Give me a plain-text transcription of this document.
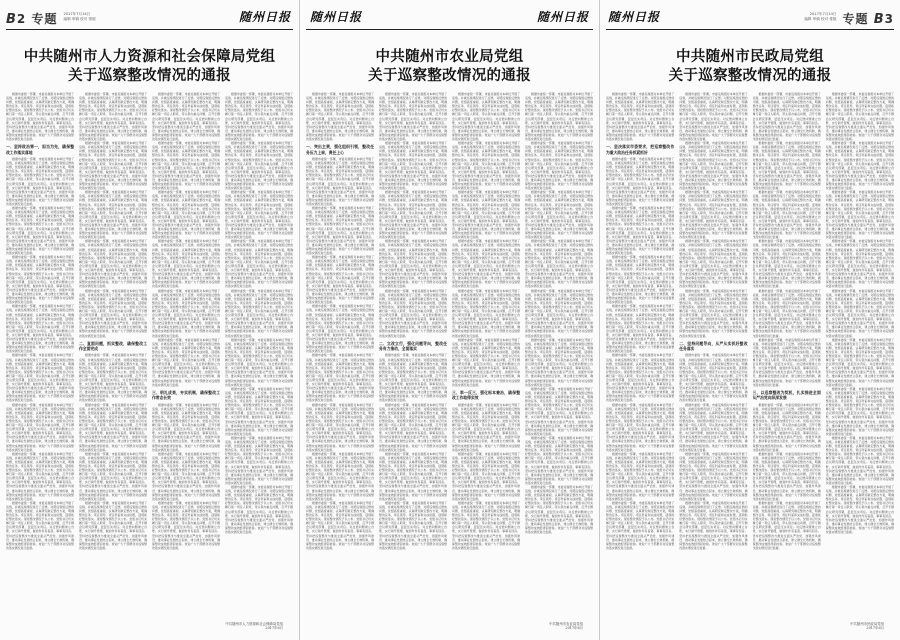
B2 专题 2017年7月14日
编辑 审稿 校对 排版	随州日报
中共随州市人力资源和社会保障局党组
关于巡察整改情况的通报

根据市委统一部署，市委巡察组对本单位开展了巡察，并就巡察情况进行了反馈。对照巡察组反馈的问题，党组高度重视，认真研究制定整改方案，明确整改任务、责任领导、责任科室和完成时限，逐项抓好整改落实。现将整改情况予以公布。党组书记切实履行第一责任人职责，带头领办重点问题，召开专题会议研究部署，层层压实责任。对反馈问题建立台账，实行销号管理，做到件件有着落、事事有回音。坚持把巡察整改与推进全面从严治党、加强作风建设、推动事业发展结合起来，建立健全长效机制，确保整改成效经得起检验。欢迎广大干部群众对巡察整改落实情况进行监督。

一、坚持政治第一，担当为先，确保整改工作落实落地

根据市委统一部署，市委巡察组对本单位开展了巡察，并就巡察情况进行了反馈。对照巡察组反馈的问题，党组高度重视，认真研究制定整改方案，明确整改任务、责任领导、责任科室和完成时限，逐项抓好整改落实。现将整改情况予以公布。党组书记切实履行第一责任人职责，带头领办重点问题，召开专题会议研究部署，层层压实责任。对反馈问题建立台账，实行销号管理，做到件件有着落、事事有回音。坚持把巡察整改与推进全面从严治党、加强作风建设、推动事业发展结合起来，建立健全长效机制，确保整改成效经得起检验。欢迎广大干部群众对巡察整改落实情况进行监督。

根据市委统一部署，市委巡察组对本单位开展了巡察，并就巡察情况进行了反馈。对照巡察组反馈的问题，党组高度重视，认真研究制定整改方案，明确整改任务、责任领导、责任科室和完成时限，逐项抓好整改落实。现将整改情况予以公布。党组书记切实履行第一责任人职责，带头领办重点问题，召开专题会议研究部署，层层压实责任。对反馈问题建立台账，实行销号管理，做到件件有着落、事事有回音。坚持把巡察整改与推进全面从严治党、加强作风建设、推动事业发展结合起来，建立健全长效机制，确保整改成效经得起检验。欢迎广大干部群众对巡察整改落实情况进行监督。

根据市委统一部署，市委巡察组对本单位开展了巡察，并就巡察情况进行了反馈。对照巡察组反馈的问题，党组高度重视，认真研究制定整改方案，明确整改任务、责任领导、责任科室和完成时限，逐项抓好整改落实。现将整改情况予以公布。党组书记切实履行第一责任人职责，带头领办重点问题，召开专题会议研究部署，层层压实责任。对反馈问题建立台账，实行销号管理，做到件件有着落、事事有回音。坚持把巡察整改与推进全面从严治党、加强作风建设、推动事业发展结合起来，建立健全长效机制，确保整改成效经得起检验。欢迎广大干部群众对巡察整改落实情况进行监督。

根据市委统一部署，市委巡察组对本单位开展了巡察，并就巡察情况进行了反馈。对照巡察组反馈的问题，党组高度重视，认真研究制定整改方案，明确整改任务、责任领导、责任科室和完成时限，逐项抓好整改落实。现将整改情况予以公布。党组书记切实履行第一责任人职责，带头领办重点问题，召开专题会议研究部署，层层压实责任。对反馈问题建立台账，实行销号管理，做到件件有着落、事事有回音。坚持把巡察整改与推进全面从严治党、加强作风建设、推动事业发展结合起来，建立健全长效机制，确保整改成效经得起检验。欢迎广大干部群众对巡察整改落实情况进行监督。

根据市委统一部署，市委巡察组对本单位开展了巡察，并就巡察情况进行了反馈。对照巡察组反馈的问题，党组高度重视，认真研究制定整改方案，明确整改任务、责任领导、责任科室和完成时限，逐项抓好整改落实。现将整改情况予以公布。党组书记切实履行第一责任人职责，带头领办重点问题，召开专题会议研究部署，层层压实责任。对反馈问题建立台账，实行销号管理，做到件件有着落、事事有回音。坚持把巡察整改与推进全面从严治党、加强作风建设、推动事业发展结合起来，建立健全长效机制，确保整改成效经得起检验。欢迎广大干部群众对巡察整改落实情况进行监督。

根据市委统一部署，市委巡察组对本单位开展了巡察，并就巡察情况进行了反馈。对照巡察组反馈的问题，党组高度重视，认真研究制定整改方案，明确整改任务、责任领导、责任科室和完成时限，逐项抓好整改落实。现将整改情况予以公布。党组书记切实履行第一责任人职责，带头领办重点问题，召开专题会议研究部署，层层压实责任。对反馈问题建立台账，实行销号管理，做到件件有着落、事事有回音。坚持把巡察整改与推进全面从严治党、加强作风建设、推动事业发展结合起来，建立健全长效机制，确保整改成效经得起检验。欢迎广大干部群众对巡察整改落实情况进行监督。

根据市委统一部署，市委巡察组对本单位开展了巡察，并就巡察情况进行了反馈。对照巡察组反馈的问题，党组高度重视，认真研究制定整改方案，明确整改任务、责任领导、责任科室和完成时限，逐项抓好整改落实。现将整改情况予以公布。党组书记切实履行第一责任人职责，带头领办重点问题，召开专题会议研究部署，层层压实责任。对反馈问题建立台账，实行销号管理，做到件件有着落、事事有回音。坚持把巡察整改与推进全面从严治党、加强作风建设、推动事业发展结合起来，建立健全长效机制，确保整改成效经得起检验。欢迎广大干部群众对巡察整改落实情况进行监督。

根据市委统一部署，市委巡察组对本单位开展了巡察，并就巡察情况进行了反馈。对照巡察组反馈的问题，党组高度重视，认真研究制定整改方案，明确整改任务、责任领导、责任科室和完成时限，逐项抓好整改落实。现将整改情况予以公布。党组书记切实履行第一责任人职责，带头领办重点问题，召开专题会议研究部署，层层压实责任。对反馈问题建立台账，实行销号管理，做到件件有着落、事事有回音。坚持把巡察整改与推进全面从严治党、加强作风建设、推动事业发展结合起来，建立健全长效机制，确保整改成效经得起检验。欢迎广大干部群众对巡察整改落实情况进行监督。

根据市委统一部署，市委巡察组对本单位开展了巡察，并就巡察情况进行了反馈。对照巡察组反馈的问题，党组高度重视，认真研究制定整改方案，明确整改任务、责任领导、责任科室和完成时限，逐项抓好整改落实。现将整改情况予以公布。党组书记切实履行第一责任人职责，带头领办重点问题，召开专题会议研究部署，层层压实责任。对反馈问题建立台账，实行销号管理，做到件件有着落、事事有回音。坚持把巡察整改与推进全面从严治党、加强作风建设、推动事业发展结合起来，建立健全长效机制，确保整改成效经得起检验。欢迎广大干部群众对巡察整改落实情况进行监督。

根据市委统一部署，市委巡察组对本单位开展了巡察，并就巡察情况进行了反馈。对照巡察组反馈的问题，党组高度重视，认真研究制定整改方案，明确整改任务、责任领导、责任科室和完成时限，逐项抓好整改落实。现将整改情况予以公布。党组书记切实履行第一责任人职责，带头领办重点问题，召开专题会议研究部署，层层压实责任。对反馈问题建立台账，实行销号管理，做到件件有着落、事事有回音。坚持把巡察整改与推进全面从严治党、加强作风建设、推动事业发展结合起来，建立健全长效机制，确保整改成效经得起检验。欢迎广大干部群众对巡察整改落实情况进行监督。

根据市委统一部署，市委巡察组对本单位开展了巡察，并就巡察情况进行了反馈。对照巡察组反馈的问题，党组高度重视，认真研究制定整改方案，明确整改任务、责任领导、责任科室和完成时限，逐项抓好整改落实。现将整改情况予以公布。党组书记切实履行第一责任人职责，带头领办重点问题，召开专题会议研究部署，层层压实责任。对反馈问题建立台账，实行销号管理，做到件件有着落、事事有回音。坚持把巡察整改与推进全面从严治党、加强作风建设、推动事业发展结合起来，建立健全长效机制，确保整改成效经得起检验。欢迎广大干部群众对巡察整改落实情况进行监督。

根据市委统一部署，市委巡察组对本单位开展了巡察，并就巡察情况进行了反馈。对照巡察组反馈的问题，党组高度重视，认真研究制定整改方案，明确整改任务、责任领导、责任科室和完成时限，逐项抓好整改落实。现将整改情况予以公布。党组书记切实履行第一责任人职责，带头领办重点问题，召开专题会议研究部署，层层压实责任。对反馈问题建立台账，实行销号管理，做到件件有着落、事事有回音。坚持把巡察整改与推进全面从严治党、加强作风建设、推动事业发展结合起来，建立健全长效机制，确保整改成效经得起检验。欢迎广大干部群众对巡察整改落实情况进行监督。

根据市委统一部署，市委巡察组对本单位开展了巡察，并就巡察情况进行了反馈。对照巡察组反馈的问题，党组高度重视，认真研究制定整改方案，明确整改任务、责任领导、责任科室和完成时限，逐项抓好整改落实。现将整改情况予以公布。党组书记切实履行第一责任人职责，带头领办重点问题，召开专题会议研究部署，层层压实责任。对反馈问题建立台账，实行销号管理，做到件件有着落、事事有回音。坚持把巡察整改与推进全面从严治党、加强作风建设、推动事业发展结合起来，建立健全长效机制，确保整改成效经得起检验。欢迎广大干部群众对巡察整改落实情况进行监督。

二、直面问题，抓实整改，确保整改工作全面完成

根据市委统一部署，市委巡察组对本单位开展了巡察，并就巡察情况进行了反馈。对照巡察组反馈的问题，党组高度重视，认真研究制定整改方案，明确整改任务、责任领导、责任科室和完成时限，逐项抓好整改落实。现将整改情况予以公布。党组书记切实履行第一责任人职责，带头领办重点问题，召开专题会议研究部署，层层压实责任。对反馈问题建立台账，实行销号管理，做到件件有着落、事事有回音。坚持把巡察整改与推进全面从严治党、加强作风建设、推动事业发展结合起来，建立健全长效机制，确保整改成效经得起检验。欢迎广大干部群众对巡察整改落实情况进行监督。

根据市委统一部署，市委巡察组对本单位开展了巡察，并就巡察情况进行了反馈。对照巡察组反馈的问题，党组高度重视，认真研究制定整改方案，明确整改任务、责任领导、责任科室和完成时限，逐项抓好整改落实。现将整改情况予以公布。党组书记切实履行第一责任人职责，带头领办重点问题，召开专题会议研究部署，层层压实责任。对反馈问题建立台账，实行销号管理，做到件件有着落、事事有回音。坚持把巡察整改与推进全面从严治党、加强作风建设、推动事业发展结合起来，建立健全长效机制，确保整改成效经得起检验。欢迎广大干部群众对巡察整改落实情况进行监督。

根据市委统一部署，市委巡察组对本单位开展了巡察，并就巡察情况进行了反馈。对照巡察组反馈的问题，党组高度重视，认真研究制定整改方案，明确整改任务、责任领导、责任科室和完成时限，逐项抓好整改落实。现将整改情况予以公布。党组书记切实履行第一责任人职责，带头领办重点问题，召开专题会议研究部署，层层压实责任。对反馈问题建立台账，实行销号管理，做到件件有着落、事事有回音。坚持把巡察整改与推进全面从严治党、加强作风建设、推动事业发展结合起来，建立健全长效机制，确保整改成效经得起检验。欢迎广大干部群众对巡察整改落实情况进行监督。

根据市委统一部署，市委巡察组对本单位开展了巡察，并就巡察情况进行了反馈。对照巡察组反馈的问题，党组高度重视，认真研究制定整改方案，明确整改任务、责任领导、责任科室和完成时限，逐项抓好整改落实。现将整改情况予以公布。党组书记切实履行第一责任人职责，带头领办重点问题，召开专题会议研究部署，层层压实责任。对反馈问题建立台账，实行销号管理，做到件件有着落、事事有回音。坚持把巡察整改与推进全面从严治党、加强作风建设、推动事业发展结合起来，建立健全长效机制，确保整改成效经得起检验。欢迎广大干部群众对巡察整改落实情况进行监督。

根据市委统一部署，市委巡察组对本单位开展了巡察，并就巡察情况进行了反馈。对照巡察组反馈的问题，党组高度重视，认真研究制定整改方案，明确整改任务、责任领导、责任科室和完成时限，逐项抓好整改落实。现将整改情况予以公布。党组书记切实履行第一责任人职责，带头领办重点问题，召开专题会议研究部署，层层压实责任。对反馈问题建立台账，实行销号管理，做到件件有着落、事事有回音。坚持把巡察整改与推进全面从严治党、加强作风建设、推动事业发展结合起来，建立健全长效机制，确保整改成效经得起检验。欢迎广大干部群众对巡察整改落实情况进行监督。

根据市委统一部署，市委巡察组对本单位开展了巡察，并就巡察情况进行了反馈。对照巡察组反馈的问题，党组高度重视，认真研究制定整改方案，明确整改任务、责任领导、责任科室和完成时限，逐项抓好整改落实。现将整改情况予以公布。党组书记切实履行第一责任人职责，带头领办重点问题，召开专题会议研究部署，层层压实责任。对反馈问题建立台账，实行销号管理，做到件件有着落、事事有回音。坚持把巡察整改与推进全面从严治党、加强作风建设、推动事业发展结合起来，建立健全长效机制，确保整改成效经得起检验。欢迎广大干部群众对巡察整改落实情况进行监督。

根据市委统一部署，市委巡察组对本单位开展了巡察，并就巡察情况进行了反馈。对照巡察组反馈的问题，党组高度重视，认真研究制定整改方案，明确整改任务、责任领导、责任科室和完成时限，逐项抓好整改落实。现将整改情况予以公布。党组书记切实履行第一责任人职责，带头领办重点问题，召开专题会议研究部署，层层压实责任。对反馈问题建立台账，实行销号管理，做到件件有着落、事事有回音。坚持把巡察整改与推进全面从严治党、加强作风建设、推动事业发展结合起来，建立健全长效机制，确保整改成效经得起检验。欢迎广大干部群众对巡察整改落实情况进行监督。

根据市委统一部署，市委巡察组对本单位开展了巡察，并就巡察情况进行了反馈。对照巡察组反馈的问题，党组高度重视，认真研究制定整改方案，明确整改任务、责任领导、责任科室和完成时限，逐项抓好整改落实。现将整改情况予以公布。党组书记切实履行第一责任人职责，带头领办重点问题，召开专题会议研究部署，层层压实责任。对反馈问题建立台账，实行销号管理，做到件件有着落、事事有回音。坚持把巡察整改与推进全面从严治党、加强作风建设、推动事业发展结合起来，建立健全长效机制，确保整改成效经得起检验。欢迎广大干部群众对巡察整改落实情况进行监督。

根据市委统一部署，市委巡察组对本单位开展了巡察，并就巡察情况进行了反馈。对照巡察组反馈的问题，党组高度重视，认真研究制定整改方案，明确整改任务、责任领导、责任科室和完成时限，逐项抓好整改落实。现将整改情况予以公布。党组书记切实履行第一责任人职责，带头领办重点问题，召开专题会议研究部署，层层压实责任。对反馈问题建立台账，实行销号管理，做到件件有着落、事事有回音。坚持把巡察整改与推进全面从严治党、加强作风建设、推动事业发展结合起来，建立健全长效机制，确保整改成效经得起检验。欢迎广大干部群众对巡察整改落实情况进行监督。

根据市委统一部署，市委巡察组对本单位开展了巡察，并就巡察情况进行了反馈。对照巡察组反馈的问题，党组高度重视，认真研究制定整改方案，明确整改任务、责任领导、责任科室和完成时限，逐项抓好整改落实。现将整改情况予以公布。党组书记切实履行第一责任人职责，带头领办重点问题，召开专题会议研究部署，层层压实责任。对反馈问题建立台账，实行销号管理，做到件件有着落、事事有回音。坚持把巡察整改与推进全面从严治党、加强作风建设、推动事业发展结合起来，建立健全长效机制，确保整改成效经得起检验。欢迎广大干部群众对巡察整改落实情况进行监督。

三、明礼成果，夯实机制，确保整改工作常态长效

根据市委统一部署，市委巡察组对本单位开展了巡察，并就巡察情况进行了反馈。对照巡察组反馈的问题，党组高度重视，认真研究制定整改方案，明确整改任务、责任领导、责任科室和完成时限，逐项抓好整改落实。现将整改情况予以公布。党组书记切实履行第一责任人职责，带头领办重点问题，召开专题会议研究部署，层层压实责任。对反馈问题建立台账，实行销号管理，做到件件有着落、事事有回音。坚持把巡察整改与推进全面从严治党、加强作风建设、推动事业发展结合起来，建立健全长效机制，确保整改成效经得起检验。欢迎广大干部群众对巡察整改落实情况进行监督。

根据市委统一部署，市委巡察组对本单位开展了巡察，并就巡察情况进行了反馈。对照巡察组反馈的问题，党组高度重视，认真研究制定整改方案，明确整改任务、责任领导、责任科室和完成时限，逐项抓好整改落实。现将整改情况予以公布。党组书记切实履行第一责任人职责，带头领办重点问题，召开专题会议研究部署，层层压实责任。对反馈问题建立台账，实行销号管理，做到件件有着落、事事有回音。坚持把巡察整改与推进全面从严治党、加强作风建设、推动事业发展结合起来，建立健全长效机制，确保整改成效经得起检验。欢迎广大干部群众对巡察整改落实情况进行监督。

根据市委统一部署，市委巡察组对本单位开展了巡察，并就巡察情况进行了反馈。对照巡察组反馈的问题，党组高度重视，认真研究制定整改方案，明确整改任务、责任领导、责任科室和完成时限，逐项抓好整改落实。现将整改情况予以公布。党组书记切实履行第一责任人职责，带头领办重点问题，召开专题会议研究部署，层层压实责任。对反馈问题建立台账，实行销号管理，做到件件有着落、事事有回音。坚持把巡察整改与推进全面从严治党、加强作风建设、推动事业发展结合起来，建立健全长效机制，确保整改成效经得起检验。欢迎广大干部群众对巡察整改落实情况进行监督。

根据市委统一部署，市委巡察组对本单位开展了巡察，并就巡察情况进行了反馈。对照巡察组反馈的问题，党组高度重视，认真研究制定整改方案，明确整改任务、责任领导、责任科室和完成时限，逐项抓好整改落实。现将整改情况予以公布。党组书记切实履行第一责任人职责，带头领办重点问题，召开专题会议研究部署，层层压实责任。对反馈问题建立台账，实行销号管理，做到件件有着落、事事有回音。坚持把巡察整改与推进全面从严治党、加强作风建设、推动事业发展结合起来，建立健全长效机制，确保整改成效经得起检验。欢迎广大干部群众对巡察整改落实情况进行监督。

根据市委统一部署，市委巡察组对本单位开展了巡察，并就巡察情况进行了反馈。对照巡察组反馈的问题，党组高度重视，认真研究制定整改方案，明确整改任务、责任领导、责任科室和完成时限，逐项抓好整改落实。现将整改情况予以公布。党组书记切实履行第一责任人职责，带头领办重点问题，召开专题会议研究部署，层层压实责任。对反馈问题建立台账，实行销号管理，做到件件有着落、事事有回音。坚持把巡察整改与推进全面从严治党、加强作风建设、推动事业发展结合起来，建立健全长效机制，确保整改成效经得起检验。欢迎广大干部群众对巡察整改落实情况进行监督。

根据市委统一部署，市委巡察组对本单位开展了巡察，并就巡察情况进行了反馈。对照巡察组反馈的问题，党组高度重视，认真研究制定整改方案，明确整改任务、责任领导、责任科室和完成时限，逐项抓好整改落实。现将整改情况予以公布。党组书记切实履行第一责任人职责，带头领办重点问题，召开专题会议研究部署，层层压实责任。对反馈问题建立台账，实行销号管理，做到件件有着落、事事有回音。坚持把巡察整改与推进全面从严治党、加强作风建设、推动事业发展结合起来，建立健全长效机制，确保整改成效经得起检验。欢迎广大干部群众对巡察整改落实情况进行监督。

根据市委统一部署，市委巡察组对本单位开展了巡察，并就巡察情况进行了反馈。对照巡察组反馈的问题，党组高度重视，认真研究制定整改方案，明确整改任务、责任领导、责任科室和完成时限，逐项抓好整改落实。现将整改情况予以公布。党组书记切实履行第一责任人职责，带头领办重点问题，召开专题会议研究部署，层层压实责任。对反馈问题建立台账，实行销号管理，做到件件有着落、事事有回音。坚持把巡察整改与推进全面从严治党、加强作风建设、推动事业发展结合起来，建立健全长效机制，确保整改成效经得起检验。欢迎广大干部群众对巡察整改落实情况进行监督。

根据市委统一部署，市委巡察组对本单位开展了巡察，并就巡察情况进行了反馈。对照巡察组反馈的问题，党组高度重视，认真研究制定整改方案，明确整改任务、责任领导、责任科室和完成时限，逐项抓好整改落实。现将整改情况予以公布。党组书记切实履行第一责任人职责，带头领办重点问题，召开专题会议研究部署，层层压实责任。对反馈问题建立台账，实行销号管理，做到件件有着落、事事有回音。坚持把巡察整改与推进全面从严治党、加强作风建设、推动事业发展结合起来，建立健全长效机制，确保整改成效经得起检验。欢迎广大干部群众对巡察整改落实情况进行监督。

根据市委统一部署，市委巡察组对本单位开展了巡察，并就巡察情况进行了反馈。对照巡察组反馈的问题，党组高度重视，认真研究制定整改方案，明确整改任务、责任领导、责任科室和完成时限，逐项抓好整改落实。现将整改情况予以公布。党组书记切实履行第一责任人职责，带头领办重点问题，召开专题会议研究部署，层层压实责任。对反馈问题建立台账，实行销号管理，做到件件有着落、事事有回音。坚持把巡察整改与推进全面从严治党、加强作风建设、推动事业发展结合起来，建立健全长效机制，确保整改成效经得起检验。欢迎广大干部群众对巡察整改落实情况进行监督。

根据市委统一部署，市委巡察组对本单位开展了巡察，并就巡察情况进行了反馈。对照巡察组反馈的问题，党组高度重视，认真研究制定整改方案，明确整改任务、责任领导、责任科室和完成时限，逐项抓好整改落实。现将整改情况予以公布。党组书记切实履行第一责任人职责，带头领办重点问题，召开专题会议研究部署，层层压实责任。对反馈问题建立台账，实行销号管理，做到件件有着落、事事有回音。坚持把巡察整改与推进全面从严治党、加强作风建设、推动事业发展结合起来，建立健全长效机制，确保整改成效经得起检验。欢迎广大干部群众对巡察整改落实情况进行监督。

根据市委统一部署，市委巡察组对本单位开展了巡察，并就巡察情况进行了反馈。对照巡察组反馈的问题，党组高度重视，认真研究制定整改方案，明确整改任务、责任领导、责任科室和完成时限，逐项抓好整改落实。现将整改情况予以公布。党组书记切实履行第一责任人职责，带头领办重点问题，召开专题会议研究部署，层层压实责任。对反馈问题建立台账，实行销号管理，做到件件有着落、事事有回音。坚持把巡察整改与推进全面从严治党、加强作风建设、推动事业发展结合起来，建立健全长效机制，确保整改成效经得起检验。欢迎广大干部群众对巡察整改落实情况进行监督。

根据市委统一部署，市委巡察组对本单位开展了巡察，并就巡察情况进行了反馈。对照巡察组反馈的问题，党组高度重视，认真研究制定整改方案，明确整改任务、责任领导、责任科室和完成时限，逐项抓好整改落实。现将整改情况予以公布。党组书记切实履行第一责任人职责，带头领办重点问题，召开专题会议研究部署，层层压实责任。对反馈问题建立台账，实行销号管理，做到件件有着落、事事有回音。坚持把巡察整改与推进全面从严治党、加强作风建设、推动事业发展结合起来，建立健全长效机制，确保整改成效经得起检验。欢迎广大干部群众对巡察整改落实情况进行监督。

中共随州市人力资源和社会保障局党组
2017年6月
随州日报	随州日报
中共随州市农业局党组
关于巡察整改情况的通报

根据市委统一部署，市委巡察组对本单位开展了巡察，并就巡察情况进行了反馈。对照巡察组反馈的问题，党组高度重视，认真研究制定整改方案，明确整改任务、责任领导、责任科室和完成时限，逐项抓好整改落实。现将整改情况予以公布。党组书记切实履行第一责任人职责，带头领办重点问题，召开专题会议研究部署，层层压实责任。对反馈问题建立台账，实行销号管理，做到件件有着落、事事有回音。坚持把巡察整改与推进全面从严治党、加强作风建设、推动事业发展结合起来，建立健全长效机制，确保整改成效经得起检验。欢迎广大干部群众对巡察整改落实情况进行监督。

一、突出主责，强化组织引领，整改任务压力上肩，责任上心

根据市委统一部署，市委巡察组对本单位开展了巡察，并就巡察情况进行了反馈。对照巡察组反馈的问题，党组高度重视，认真研究制定整改方案，明确整改任务、责任领导、责任科室和完成时限，逐项抓好整改落实。现将整改情况予以公布。党组书记切实履行第一责任人职责，带头领办重点问题，召开专题会议研究部署，层层压实责任。对反馈问题建立台账，实行销号管理，做到件件有着落、事事有回音。坚持把巡察整改与推进全面从严治党、加强作风建设、推动事业发展结合起来，建立健全长效机制，确保整改成效经得起检验。欢迎广大干部群众对巡察整改落实情况进行监督。

根据市委统一部署，市委巡察组对本单位开展了巡察，并就巡察情况进行了反馈。对照巡察组反馈的问题，党组高度重视，认真研究制定整改方案，明确整改任务、责任领导、责任科室和完成时限，逐项抓好整改落实。现将整改情况予以公布。党组书记切实履行第一责任人职责，带头领办重点问题，召开专题会议研究部署，层层压实责任。对反馈问题建立台账，实行销号管理，做到件件有着落、事事有回音。坚持把巡察整改与推进全面从严治党、加强作风建设、推动事业发展结合起来，建立健全长效机制，确保整改成效经得起检验。欢迎广大干部群众对巡察整改落实情况进行监督。

根据市委统一部署，市委巡察组对本单位开展了巡察，并就巡察情况进行了反馈。对照巡察组反馈的问题，党组高度重视，认真研究制定整改方案，明确整改任务、责任领导、责任科室和完成时限，逐项抓好整改落实。现将整改情况予以公布。党组书记切实履行第一责任人职责，带头领办重点问题，召开专题会议研究部署，层层压实责任。对反馈问题建立台账，实行销号管理，做到件件有着落、事事有回音。坚持把巡察整改与推进全面从严治党、加强作风建设、推动事业发展结合起来，建立健全长效机制，确保整改成效经得起检验。欢迎广大干部群众对巡察整改落实情况进行监督。

根据市委统一部署，市委巡察组对本单位开展了巡察，并就巡察情况进行了反馈。对照巡察组反馈的问题，党组高度重视，认真研究制定整改方案，明确整改任务、责任领导、责任科室和完成时限，逐项抓好整改落实。现将整改情况予以公布。党组书记切实履行第一责任人职责，带头领办重点问题，召开专题会议研究部署，层层压实责任。对反馈问题建立台账，实行销号管理，做到件件有着落、事事有回音。坚持把巡察整改与推进全面从严治党、加强作风建设、推动事业发展结合起来，建立健全长效机制，确保整改成效经得起检验。欢迎广大干部群众对巡察整改落实情况进行监督。

根据市委统一部署，市委巡察组对本单位开展了巡察，并就巡察情况进行了反馈。对照巡察组反馈的问题，党组高度重视，认真研究制定整改方案，明确整改任务、责任领导、责任科室和完成时限，逐项抓好整改落实。现将整改情况予以公布。党组书记切实履行第一责任人职责，带头领办重点问题，召开专题会议研究部署，层层压实责任。对反馈问题建立台账，实行销号管理，做到件件有着落、事事有回音。坚持把巡察整改与推进全面从严治党、加强作风建设、推动事业发展结合起来，建立健全长效机制，确保整改成效经得起检验。欢迎广大干部群众对巡察整改落实情况进行监督。

根据市委统一部署，市委巡察组对本单位开展了巡察，并就巡察情况进行了反馈。对照巡察组反馈的问题，党组高度重视，认真研究制定整改方案，明确整改任务、责任领导、责任科室和完成时限，逐项抓好整改落实。现将整改情况予以公布。党组书记切实履行第一责任人职责，带头领办重点问题，召开专题会议研究部署，层层压实责任。对反馈问题建立台账，实行销号管理，做到件件有着落、事事有回音。坚持把巡察整改与推进全面从严治党、加强作风建设、推动事业发展结合起来，建立健全长效机制，确保整改成效经得起检验。欢迎广大干部群众对巡察整改落实情况进行监督。

根据市委统一部署，市委巡察组对本单位开展了巡察，并就巡察情况进行了反馈。对照巡察组反馈的问题，党组高度重视，认真研究制定整改方案，明确整改任务、责任领导、责任科室和完成时限，逐项抓好整改落实。现将整改情况予以公布。党组书记切实履行第一责任人职责，带头领办重点问题，召开专题会议研究部署，层层压实责任。对反馈问题建立台账，实行销号管理，做到件件有着落、事事有回音。坚持把巡察整改与推进全面从严治党、加强作风建设、推动事业发展结合起来，建立健全长效机制，确保整改成效经得起检验。欢迎广大干部群众对巡察整改落实情况进行监督。

根据市委统一部署，市委巡察组对本单位开展了巡察，并就巡察情况进行了反馈。对照巡察组反馈的问题，党组高度重视，认真研究制定整改方案，明确整改任务、责任领导、责任科室和完成时限，逐项抓好整改落实。现将整改情况予以公布。党组书记切实履行第一责任人职责，带头领办重点问题，召开专题会议研究部署，层层压实责任。对反馈问题建立台账，实行销号管理，做到件件有着落、事事有回音。坚持把巡察整改与推进全面从严治党、加强作风建设、推动事业发展结合起来，建立健全长效机制，确保整改成效经得起检验。欢迎广大干部群众对巡察整改落实情况进行监督。

根据市委统一部署，市委巡察组对本单位开展了巡察，并就巡察情况进行了反馈。对照巡察组反馈的问题，党组高度重视，认真研究制定整改方案，明确整改任务、责任领导、责任科室和完成时限，逐项抓好整改落实。现将整改情况予以公布。党组书记切实履行第一责任人职责，带头领办重点问题，召开专题会议研究部署，层层压实责任。对反馈问题建立台账，实行销号管理，做到件件有着落、事事有回音。坚持把巡察整改与推进全面从严治党、加强作风建设、推动事业发展结合起来，建立健全长效机制，确保整改成效经得起检验。欢迎广大干部群众对巡察整改落实情况进行监督。

根据市委统一部署，市委巡察组对本单位开展了巡察，并就巡察情况进行了反馈。对照巡察组反馈的问题，党组高度重视，认真研究制定整改方案，明确整改任务、责任领导、责任科室和完成时限，逐项抓好整改落实。现将整改情况予以公布。党组书记切实履行第一责任人职责，带头领办重点问题，召开专题会议研究部署，层层压实责任。对反馈问题建立台账，实行销号管理，做到件件有着落、事事有回音。坚持把巡察整改与推进全面从严治党、加强作风建设、推动事业发展结合起来，建立健全长效机制，确保整改成效经得起检验。欢迎广大干部群众对巡察整改落实情况进行监督。

根据市委统一部署，市委巡察组对本单位开展了巡察，并就巡察情况进行了反馈。对照巡察组反馈的问题，党组高度重视，认真研究制定整改方案，明确整改任务、责任领导、责任科室和完成时限，逐项抓好整改落实。现将整改情况予以公布。党组书记切实履行第一责任人职责，带头领办重点问题，召开专题会议研究部署，层层压实责任。对反馈问题建立台账，实行销号管理，做到件件有着落、事事有回音。坚持把巡察整改与推进全面从严治党、加强作风建设、推动事业发展结合起来，建立健全长效机制，确保整改成效经得起检验。欢迎广大干部群众对巡察整改落实情况进行监督。

根据市委统一部署，市委巡察组对本单位开展了巡察，并就巡察情况进行了反馈。对照巡察组反馈的问题，党组高度重视，认真研究制定整改方案，明确整改任务、责任领导、责任科室和完成时限，逐项抓好整改落实。现将整改情况予以公布。党组书记切实履行第一责任人职责，带头领办重点问题，召开专题会议研究部署，层层压实责任。对反馈问题建立台账，实行销号管理，做到件件有着落、事事有回音。坚持把巡察整改与推进全面从严治党、加强作风建设、推动事业发展结合起来，建立健全长效机制，确保整改成效经得起检验。欢迎广大干部群众对巡察整改落实情况进行监督。

根据市委统一部署，市委巡察组对本单位开展了巡察，并就巡察情况进行了反馈。对照巡察组反馈的问题，党组高度重视，认真研究制定整改方案，明确整改任务、责任领导、责任科室和完成时限，逐项抓好整改落实。现将整改情况予以公布。党组书记切实履行第一责任人职责，带头领办重点问题，召开专题会议研究部署，层层压实责任。对反馈问题建立台账，实行销号管理，做到件件有着落、事事有回音。坚持把巡察整改与推进全面从严治党、加强作风建设、推动事业发展结合起来，建立健全长效机制，确保整改成效经得起检验。欢迎广大干部群众对巡察整改落实情况进行监督。

二、立改立行，强化问题导向，整改任务有力推动，全面落实

根据市委统一部署，市委巡察组对本单位开展了巡察，并就巡察情况进行了反馈。对照巡察组反馈的问题，党组高度重视，认真研究制定整改方案，明确整改任务、责任领导、责任科室和完成时限，逐项抓好整改落实。现将整改情况予以公布。党组书记切实履行第一责任人职责，带头领办重点问题，召开专题会议研究部署，层层压实责任。对反馈问题建立台账，实行销号管理，做到件件有着落、事事有回音。坚持把巡察整改与推进全面从严治党、加强作风建设、推动事业发展结合起来，建立健全长效机制，确保整改成效经得起检验。欢迎广大干部群众对巡察整改落实情况进行监督。

根据市委统一部署，市委巡察组对本单位开展了巡察，并就巡察情况进行了反馈。对照巡察组反馈的问题，党组高度重视，认真研究制定整改方案，明确整改任务、责任领导、责任科室和完成时限，逐项抓好整改落实。现将整改情况予以公布。党组书记切实履行第一责任人职责，带头领办重点问题，召开专题会议研究部署，层层压实责任。对反馈问题建立台账，实行销号管理，做到件件有着落、事事有回音。坚持把巡察整改与推进全面从严治党、加强作风建设、推动事业发展结合起来，建立健全长效机制，确保整改成效经得起检验。欢迎广大干部群众对巡察整改落实情况进行监督。

根据市委统一部署，市委巡察组对本单位开展了巡察，并就巡察情况进行了反馈。对照巡察组反馈的问题，党组高度重视，认真研究制定整改方案，明确整改任务、责任领导、责任科室和完成时限，逐项抓好整改落实。现将整改情况予以公布。党组书记切实履行第一责任人职责，带头领办重点问题，召开专题会议研究部署，层层压实责任。对反馈问题建立台账，实行销号管理，做到件件有着落、事事有回音。坚持把巡察整改与推进全面从严治党、加强作风建设、推动事业发展结合起来，建立健全长效机制，确保整改成效经得起检验。欢迎广大干部群众对巡察整改落实情况进行监督。

根据市委统一部署，市委巡察组对本单位开展了巡察，并就巡察情况进行了反馈。对照巡察组反馈的问题，党组高度重视，认真研究制定整改方案，明确整改任务、责任领导、责任科室和完成时限，逐项抓好整改落实。现将整改情况予以公布。党组书记切实履行第一责任人职责，带头领办重点问题，召开专题会议研究部署，层层压实责任。对反馈问题建立台账，实行销号管理，做到件件有着落、事事有回音。坚持把巡察整改与推进全面从严治党、加强作风建设、推动事业发展结合起来，建立健全长效机制，确保整改成效经得起检验。欢迎广大干部群众对巡察整改落实情况进行监督。

根据市委统一部署，市委巡察组对本单位开展了巡察，并就巡察情况进行了反馈。对照巡察组反馈的问题，党组高度重视，认真研究制定整改方案，明确整改任务、责任领导、责任科室和完成时限，逐项抓好整改落实。现将整改情况予以公布。党组书记切实履行第一责任人职责，带头领办重点问题，召开专题会议研究部署，层层压实责任。对反馈问题建立台账，实行销号管理，做到件件有着落、事事有回音。坚持把巡察整改与推进全面从严治党、加强作风建设、推动事业发展结合起来，建立健全长效机制，确保整改成效经得起检验。欢迎广大干部群众对巡察整改落实情况进行监督。

根据市委统一部署，市委巡察组对本单位开展了巡察，并就巡察情况进行了反馈。对照巡察组反馈的问题，党组高度重视，认真研究制定整改方案，明确整改任务、责任领导、责任科室和完成时限，逐项抓好整改落实。现将整改情况予以公布。党组书记切实履行第一责任人职责，带头领办重点问题，召开专题会议研究部署，层层压实责任。对反馈问题建立台账，实行销号管理，做到件件有着落、事事有回音。坚持把巡察整改与推进全面从严治党、加强作风建设、推动事业发展结合起来，建立健全长效机制，确保整改成效经得起检验。欢迎广大干部群众对巡察整改落实情况进行监督。

根据市委统一部署，市委巡察组对本单位开展了巡察，并就巡察情况进行了反馈。对照巡察组反馈的问题，党组高度重视，认真研究制定整改方案，明确整改任务、责任领导、责任科室和完成时限，逐项抓好整改落实。现将整改情况予以公布。党组书记切实履行第一责任人职责，带头领办重点问题，召开专题会议研究部署，层层压实责任。对反馈问题建立台账，实行销号管理，做到件件有着落、事事有回音。坚持把巡察整改与推进全面从严治党、加强作风建设、推动事业发展结合起来，建立健全长效机制，确保整改成效经得起检验。欢迎广大干部群众对巡察整改落实情况进行监督。

根据市委统一部署，市委巡察组对本单位开展了巡察，并就巡察情况进行了反馈。对照巡察组反馈的问题，党组高度重视，认真研究制定整改方案，明确整改任务、责任领导、责任科室和完成时限，逐项抓好整改落实。现将整改情况予以公布。党组书记切实履行第一责任人职责，带头领办重点问题，召开专题会议研究部署，层层压实责任。对反馈问题建立台账，实行销号管理，做到件件有着落、事事有回音。坚持把巡察整改与推进全面从严治党、加强作风建设、推动事业发展结合起来，建立健全长效机制，确保整改成效经得起检验。欢迎广大干部群众对巡察整改落实情况进行监督。

根据市委统一部署，市委巡察组对本单位开展了巡察，并就巡察情况进行了反馈。对照巡察组反馈的问题，党组高度重视，认真研究制定整改方案，明确整改任务、责任领导、责任科室和完成时限，逐项抓好整改落实。现将整改情况予以公布。党组书记切实履行第一责任人职责，带头领办重点问题，召开专题会议研究部署，层层压实责任。对反馈问题建立台账，实行销号管理，做到件件有着落、事事有回音。坚持把巡察整改与推进全面从严治党、加强作风建设、推动事业发展结合起来，建立健全长效机制，确保整改成效经得起检验。欢迎广大干部群众对巡察整改落实情况进行监督。

根据市委统一部署，市委巡察组对本单位开展了巡察，并就巡察情况进行了反馈。对照巡察组反馈的问题，党组高度重视，认真研究制定整改方案，明确整改任务、责任领导、责任科室和完成时限，逐项抓好整改落实。现将整改情况予以公布。党组书记切实履行第一责任人职责，带头领办重点问题，召开专题会议研究部署，层层压实责任。对反馈问题建立台账，实行销号管理，做到件件有着落、事事有回音。坚持把巡察整改与推进全面从严治党、加强作风建设、推动事业发展结合起来，建立健全长效机制，确保整改成效经得起检验。欢迎广大干部群众对巡察整改落实情况进行监督。

三、举一反三，强化标本兼治，确保整改工作取得实效

根据市委统一部署，市委巡察组对本单位开展了巡察，并就巡察情况进行了反馈。对照巡察组反馈的问题，党组高度重视，认真研究制定整改方案，明确整改任务、责任领导、责任科室和完成时限，逐项抓好整改落实。现将整改情况予以公布。党组书记切实履行第一责任人职责，带头领办重点问题，召开专题会议研究部署，层层压实责任。对反馈问题建立台账，实行销号管理，做到件件有着落、事事有回音。坚持把巡察整改与推进全面从严治党、加强作风建设、推动事业发展结合起来，建立健全长效机制，确保整改成效经得起检验。欢迎广大干部群众对巡察整改落实情况进行监督。

根据市委统一部署，市委巡察组对本单位开展了巡察，并就巡察情况进行了反馈。对照巡察组反馈的问题，党组高度重视，认真研究制定整改方案，明确整改任务、责任领导、责任科室和完成时限，逐项抓好整改落实。现将整改情况予以公布。党组书记切实履行第一责任人职责，带头领办重点问题，召开专题会议研究部署，层层压实责任。对反馈问题建立台账，实行销号管理，做到件件有着落、事事有回音。坚持把巡察整改与推进全面从严治党、加强作风建设、推动事业发展结合起来，建立健全长效机制，确保整改成效经得起检验。欢迎广大干部群众对巡察整改落实情况进行监督。

根据市委统一部署，市委巡察组对本单位开展了巡察，并就巡察情况进行了反馈。对照巡察组反馈的问题，党组高度重视，认真研究制定整改方案，明确整改任务、责任领导、责任科室和完成时限，逐项抓好整改落实。现将整改情况予以公布。党组书记切实履行第一责任人职责，带头领办重点问题，召开专题会议研究部署，层层压实责任。对反馈问题建立台账，实行销号管理，做到件件有着落、事事有回音。坚持把巡察整改与推进全面从严治党、加强作风建设、推动事业发展结合起来，建立健全长效机制，确保整改成效经得起检验。欢迎广大干部群众对巡察整改落实情况进行监督。

根据市委统一部署，市委巡察组对本单位开展了巡察，并就巡察情况进行了反馈。对照巡察组反馈的问题，党组高度重视，认真研究制定整改方案，明确整改任务、责任领导、责任科室和完成时限，逐项抓好整改落实。现将整改情况予以公布。党组书记切实履行第一责任人职责，带头领办重点问题，召开专题会议研究部署，层层压实责任。对反馈问题建立台账，实行销号管理，做到件件有着落、事事有回音。坚持把巡察整改与推进全面从严治党、加强作风建设、推动事业发展结合起来，建立健全长效机制，确保整改成效经得起检验。欢迎广大干部群众对巡察整改落实情况进行监督。

根据市委统一部署，市委巡察组对本单位开展了巡察，并就巡察情况进行了反馈。对照巡察组反馈的问题，党组高度重视，认真研究制定整改方案，明确整改任务、责任领导、责任科室和完成时限，逐项抓好整改落实。现将整改情况予以公布。党组书记切实履行第一责任人职责，带头领办重点问题，召开专题会议研究部署，层层压实责任。对反馈问题建立台账，实行销号管理，做到件件有着落、事事有回音。坚持把巡察整改与推进全面从严治党、加强作风建设、推动事业发展结合起来，建立健全长效机制，确保整改成效经得起检验。欢迎广大干部群众对巡察整改落实情况进行监督。

根据市委统一部署，市委巡察组对本单位开展了巡察，并就巡察情况进行了反馈。对照巡察组反馈的问题，党组高度重视，认真研究制定整改方案，明确整改任务、责任领导、责任科室和完成时限，逐项抓好整改落实。现将整改情况予以公布。党组书记切实履行第一责任人职责，带头领办重点问题，召开专题会议研究部署，层层压实责任。对反馈问题建立台账，实行销号管理，做到件件有着落、事事有回音。坚持把巡察整改与推进全面从严治党、加强作风建设、推动事业发展结合起来，建立健全长效机制，确保整改成效经得起检验。欢迎广大干部群众对巡察整改落实情况进行监督。

根据市委统一部署，市委巡察组对本单位开展了巡察，并就巡察情况进行了反馈。对照巡察组反馈的问题，党组高度重视，认真研究制定整改方案，明确整改任务、责任领导、责任科室和完成时限，逐项抓好整改落实。现将整改情况予以公布。党组书记切实履行第一责任人职责，带头领办重点问题，召开专题会议研究部署，层层压实责任。对反馈问题建立台账，实行销号管理，做到件件有着落、事事有回音。坚持把巡察整改与推进全面从严治党、加强作风建设、推动事业发展结合起来，建立健全长效机制，确保整改成效经得起检验。欢迎广大干部群众对巡察整改落实情况进行监督。

根据市委统一部署，市委巡察组对本单位开展了巡察，并就巡察情况进行了反馈。对照巡察组反馈的问题，党组高度重视，认真研究制定整改方案，明确整改任务、责任领导、责任科室和完成时限，逐项抓好整改落实。现将整改情况予以公布。党组书记切实履行第一责任人职责，带头领办重点问题，召开专题会议研究部署，层层压实责任。对反馈问题建立台账，实行销号管理，做到件件有着落、事事有回音。坚持把巡察整改与推进全面从严治党、加强作风建设、推动事业发展结合起来，建立健全长效机制，确保整改成效经得起检验。欢迎广大干部群众对巡察整改落实情况进行监督。

根据市委统一部署，市委巡察组对本单位开展了巡察，并就巡察情况进行了反馈。对照巡察组反馈的问题，党组高度重视，认真研究制定整改方案，明确整改任务、责任领导、责任科室和完成时限，逐项抓好整改落实。现将整改情况予以公布。党组书记切实履行第一责任人职责，带头领办重点问题，召开专题会议研究部署，层层压实责任。对反馈问题建立台账，实行销号管理，做到件件有着落、事事有回音。坚持把巡察整改与推进全面从严治党、加强作风建设、推动事业发展结合起来，建立健全长效机制，确保整改成效经得起检验。欢迎广大干部群众对巡察整改落实情况进行监督。

根据市委统一部署，市委巡察组对本单位开展了巡察，并就巡察情况进行了反馈。对照巡察组反馈的问题，党组高度重视，认真研究制定整改方案，明确整改任务、责任领导、责任科室和完成时限，逐项抓好整改落实。现将整改情况予以公布。党组书记切实履行第一责任人职责，带头领办重点问题，召开专题会议研究部署，层层压实责任。对反馈问题建立台账，实行销号管理，做到件件有着落、事事有回音。坚持把巡察整改与推进全面从严治党、加强作风建设、推动事业发展结合起来，建立健全长效机制，确保整改成效经得起检验。欢迎广大干部群众对巡察整改落实情况进行监督。

根据市委统一部署，市委巡察组对本单位开展了巡察，并就巡察情况进行了反馈。对照巡察组反馈的问题，党组高度重视，认真研究制定整改方案，明确整改任务、责任领导、责任科室和完成时限，逐项抓好整改落实。现将整改情况予以公布。党组书记切实履行第一责任人职责，带头领办重点问题，召开专题会议研究部署，层层压实责任。对反馈问题建立台账，实行销号管理，做到件件有着落、事事有回音。坚持把巡察整改与推进全面从严治党、加强作风建设、推动事业发展结合起来，建立健全长效机制，确保整改成效经得起检验。欢迎广大干部群众对巡察整改落实情况进行监督。

根据市委统一部署，市委巡察组对本单位开展了巡察，并就巡察情况进行了反馈。对照巡察组反馈的问题，党组高度重视，认真研究制定整改方案，明确整改任务、责任领导、责任科室和完成时限，逐项抓好整改落实。现将整改情况予以公布。党组书记切实履行第一责任人职责，带头领办重点问题，召开专题会议研究部署，层层压实责任。对反馈问题建立台账，实行销号管理，做到件件有着落、事事有回音。坚持把巡察整改与推进全面从严治党、加强作风建设、推动事业发展结合起来，建立健全长效机制，确保整改成效经得起检验。欢迎广大干部群众对巡察整改落实情况进行监督。

中共随州市农业局党组
2017年6月
随州日报	2017年7月14日
编辑 审稿 校对 排版 专题 B3
中共随州市民政局党组
关于巡察整改情况的通报

根据市委统一部署，市委巡察组对本单位开展了巡察，并就巡察情况进行了反馈。对照巡察组反馈的问题，党组高度重视，认真研究制定整改方案，明确整改任务、责任领导、责任科室和完成时限，逐项抓好整改落实。现将整改情况予以公布。党组书记切实履行第一责任人职责，带头领办重点问题，召开专题会议研究部署，层层压实责任。对反馈问题建立台账，实行销号管理，做到件件有着落、事事有回音。坚持把巡察整改与推进全面从严治党、加强作风建设、推动事业发展结合起来，建立健全长效机制，确保整改成效经得起检验。欢迎广大干部群众对巡察整改落实情况进行监督。

一、坚决落实市委要求，把巡察整改作为重大政治任务抓紧抓好

根据市委统一部署，市委巡察组对本单位开展了巡察，并就巡察情况进行了反馈。对照巡察组反馈的问题，党组高度重视，认真研究制定整改方案，明确整改任务、责任领导、责任科室和完成时限，逐项抓好整改落实。现将整改情况予以公布。党组书记切实履行第一责任人职责，带头领办重点问题，召开专题会议研究部署，层层压实责任。对反馈问题建立台账，实行销号管理，做到件件有着落、事事有回音。坚持把巡察整改与推进全面从严治党、加强作风建设、推动事业发展结合起来，建立健全长效机制，确保整改成效经得起检验。欢迎广大干部群众对巡察整改落实情况进行监督。

根据市委统一部署，市委巡察组对本单位开展了巡察，并就巡察情况进行了反馈。对照巡察组反馈的问题，党组高度重视，认真研究制定整改方案，明确整改任务、责任领导、责任科室和完成时限，逐项抓好整改落实。现将整改情况予以公布。党组书记切实履行第一责任人职责，带头领办重点问题，召开专题会议研究部署，层层压实责任。对反馈问题建立台账，实行销号管理，做到件件有着落、事事有回音。坚持把巡察整改与推进全面从严治党、加强作风建设、推动事业发展结合起来，建立健全长效机制，确保整改成效经得起检验。欢迎广大干部群众对巡察整改落实情况进行监督。

根据市委统一部署，市委巡察组对本单位开展了巡察，并就巡察情况进行了反馈。对照巡察组反馈的问题，党组高度重视，认真研究制定整改方案，明确整改任务、责任领导、责任科室和完成时限，逐项抓好整改落实。现将整改情况予以公布。党组书记切实履行第一责任人职责，带头领办重点问题，召开专题会议研究部署，层层压实责任。对反馈问题建立台账，实行销号管理，做到件件有着落、事事有回音。坚持把巡察整改与推进全面从严治党、加强作风建设、推动事业发展结合起来，建立健全长效机制，确保整改成效经得起检验。欢迎广大干部群众对巡察整改落实情况进行监督。

根据市委统一部署，市委巡察组对本单位开展了巡察，并就巡察情况进行了反馈。对照巡察组反馈的问题，党组高度重视，认真研究制定整改方案，明确整改任务、责任领导、责任科室和完成时限，逐项抓好整改落实。现将整改情况予以公布。党组书记切实履行第一责任人职责，带头领办重点问题，召开专题会议研究部署，层层压实责任。对反馈问题建立台账，实行销号管理，做到件件有着落、事事有回音。坚持把巡察整改与推进全面从严治党、加强作风建设、推动事业发展结合起来，建立健全长效机制，确保整改成效经得起检验。欢迎广大干部群众对巡察整改落实情况进行监督。

根据市委统一部署，市委巡察组对本单位开展了巡察，并就巡察情况进行了反馈。对照巡察组反馈的问题，党组高度重视，认真研究制定整改方案，明确整改任务、责任领导、责任科室和完成时限，逐项抓好整改落实。现将整改情况予以公布。党组书记切实履行第一责任人职责，带头领办重点问题，召开专题会议研究部署，层层压实责任。对反馈问题建立台账，实行销号管理，做到件件有着落、事事有回音。坚持把巡察整改与推进全面从严治党、加强作风建设、推动事业发展结合起来，建立健全长效机制，确保整改成效经得起检验。欢迎广大干部群众对巡察整改落实情况进行监督。

根据市委统一部署，市委巡察组对本单位开展了巡察，并就巡察情况进行了反馈。对照巡察组反馈的问题，党组高度重视，认真研究制定整改方案，明确整改任务、责任领导、责任科室和完成时限，逐项抓好整改落实。现将整改情况予以公布。党组书记切实履行第一责任人职责，带头领办重点问题，召开专题会议研究部署，层层压实责任。对反馈问题建立台账，实行销号管理，做到件件有着落、事事有回音。坚持把巡察整改与推进全面从严治党、加强作风建设、推动事业发展结合起来，建立健全长效机制，确保整改成效经得起检验。欢迎广大干部群众对巡察整改落实情况进行监督。

根据市委统一部署，市委巡察组对本单位开展了巡察，并就巡察情况进行了反馈。对照巡察组反馈的问题，党组高度重视，认真研究制定整改方案，明确整改任务、责任领导、责任科室和完成时限，逐项抓好整改落实。现将整改情况予以公布。党组书记切实履行第一责任人职责，带头领办重点问题，召开专题会议研究部署，层层压实责任。对反馈问题建立台账，实行销号管理，做到件件有着落、事事有回音。坚持把巡察整改与推进全面从严治党、加强作风建设、推动事业发展结合起来，建立健全长效机制，确保整改成效经得起检验。欢迎广大干部群众对巡察整改落实情况进行监督。

根据市委统一部署，市委巡察组对本单位开展了巡察，并就巡察情况进行了反馈。对照巡察组反馈的问题，党组高度重视，认真研究制定整改方案，明确整改任务、责任领导、责任科室和完成时限，逐项抓好整改落实。现将整改情况予以公布。党组书记切实履行第一责任人职责，带头领办重点问题，召开专题会议研究部署，层层压实责任。对反馈问题建立台账，实行销号管理，做到件件有着落、事事有回音。坚持把巡察整改与推进全面从严治党、加强作风建设、推动事业发展结合起来，建立健全长效机制，确保整改成效经得起检验。欢迎广大干部群众对巡察整改落实情况进行监督。

根据市委统一部署，市委巡察组对本单位开展了巡察，并就巡察情况进行了反馈。对照巡察组反馈的问题，党组高度重视，认真研究制定整改方案，明确整改任务、责任领导、责任科室和完成时限，逐项抓好整改落实。现将整改情况予以公布。党组书记切实履行第一责任人职责，带头领办重点问题，召开专题会议研究部署，层层压实责任。对反馈问题建立台账，实行销号管理，做到件件有着落、事事有回音。坚持把巡察整改与推进全面从严治党、加强作风建设、推动事业发展结合起来，建立健全长效机制，确保整改成效经得起检验。欢迎广大干部群众对巡察整改落实情况进行监督。

根据市委统一部署，市委巡察组对本单位开展了巡察，并就巡察情况进行了反馈。对照巡察组反馈的问题，党组高度重视，认真研究制定整改方案，明确整改任务、责任领导、责任科室和完成时限，逐项抓好整改落实。现将整改情况予以公布。党组书记切实履行第一责任人职责，带头领办重点问题，召开专题会议研究部署，层层压实责任。对反馈问题建立台账，实行销号管理，做到件件有着落、事事有回音。坚持把巡察整改与推进全面从严治党、加强作风建设、推动事业发展结合起来，建立健全长效机制，确保整改成效经得起检验。欢迎广大干部群众对巡察整改落实情况进行监督。

根据市委统一部署，市委巡察组对本单位开展了巡察，并就巡察情况进行了反馈。对照巡察组反馈的问题，党组高度重视，认真研究制定整改方案，明确整改任务、责任领导、责任科室和完成时限，逐项抓好整改落实。现将整改情况予以公布。党组书记切实履行第一责任人职责，带头领办重点问题，召开专题会议研究部署，层层压实责任。对反馈问题建立台账，实行销号管理，做到件件有着落、事事有回音。坚持把巡察整改与推进全面从严治党、加强作风建设、推动事业发展结合起来，建立健全长效机制，确保整改成效经得起检验。欢迎广大干部群众对巡察整改落实情况进行监督。

根据市委统一部署，市委巡察组对本单位开展了巡察，并就巡察情况进行了反馈。对照巡察组反馈的问题，党组高度重视，认真研究制定整改方案，明确整改任务、责任领导、责任科室和完成时限，逐项抓好整改落实。现将整改情况予以公布。党组书记切实履行第一责任人职责，带头领办重点问题，召开专题会议研究部署，层层压实责任。对反馈问题建立台账，实行销号管理，做到件件有着落、事事有回音。坚持把巡察整改与推进全面从严治党、加强作风建设、推动事业发展结合起来，建立健全长效机制，确保整改成效经得起检验。欢迎广大干部群众对巡察整改落实情况进行监督。

根据市委统一部署，市委巡察组对本单位开展了巡察，并就巡察情况进行了反馈。对照巡察组反馈的问题，党组高度重视，认真研究制定整改方案，明确整改任务、责任领导、责任科室和完成时限，逐项抓好整改落实。现将整改情况予以公布。党组书记切实履行第一责任人职责，带头领办重点问题，召开专题会议研究部署，层层压实责任。对反馈问题建立台账，实行销号管理，做到件件有着落、事事有回音。坚持把巡察整改与推进全面从严治党、加强作风建设、推动事业发展结合起来，建立健全长效机制，确保整改成效经得起检验。欢迎广大干部群众对巡察整改落实情况进行监督。

二、坚持问题导向，从严从实抓好整改任务落实

根据市委统一部署，市委巡察组对本单位开展了巡察，并就巡察情况进行了反馈。对照巡察组反馈的问题，党组高度重视，认真研究制定整改方案，明确整改任务、责任领导、责任科室和完成时限，逐项抓好整改落实。现将整改情况予以公布。党组书记切实履行第一责任人职责，带头领办重点问题，召开专题会议研究部署，层层压实责任。对反馈问题建立台账，实行销号管理，做到件件有着落、事事有回音。坚持把巡察整改与推进全面从严治党、加强作风建设、推动事业发展结合起来，建立健全长效机制，确保整改成效经得起检验。欢迎广大干部群众对巡察整改落实情况进行监督。

根据市委统一部署，市委巡察组对本单位开展了巡察，并就巡察情况进行了反馈。对照巡察组反馈的问题，党组高度重视，认真研究制定整改方案，明确整改任务、责任领导、责任科室和完成时限，逐项抓好整改落实。现将整改情况予以公布。党组书记切实履行第一责任人职责，带头领办重点问题，召开专题会议研究部署，层层压实责任。对反馈问题建立台账，实行销号管理，做到件件有着落、事事有回音。坚持把巡察整改与推进全面从严治党、加强作风建设、推动事业发展结合起来，建立健全长效机制，确保整改成效经得起检验。欢迎广大干部群众对巡察整改落实情况进行监督。

根据市委统一部署，市委巡察组对本单位开展了巡察，并就巡察情况进行了反馈。对照巡察组反馈的问题，党组高度重视，认真研究制定整改方案，明确整改任务、责任领导、责任科室和完成时限，逐项抓好整改落实。现将整改情况予以公布。党组书记切实履行第一责任人职责，带头领办重点问题，召开专题会议研究部署，层层压实责任。对反馈问题建立台账，实行销号管理，做到件件有着落、事事有回音。坚持把巡察整改与推进全面从严治党、加强作风建设、推动事业发展结合起来，建立健全长效机制，确保整改成效经得起检验。欢迎广大干部群众对巡察整改落实情况进行监督。

根据市委统一部署，市委巡察组对本单位开展了巡察，并就巡察情况进行了反馈。对照巡察组反馈的问题，党组高度重视，认真研究制定整改方案，明确整改任务、责任领导、责任科室和完成时限，逐项抓好整改落实。现将整改情况予以公布。党组书记切实履行第一责任人职责，带头领办重点问题，召开专题会议研究部署，层层压实责任。对反馈问题建立台账，实行销号管理，做到件件有着落、事事有回音。坚持把巡察整改与推进全面从严治党、加强作风建设、推动事业发展结合起来，建立健全长效机制，确保整改成效经得起检验。欢迎广大干部群众对巡察整改落实情况进行监督。

根据市委统一部署，市委巡察组对本单位开展了巡察，并就巡察情况进行了反馈。对照巡察组反馈的问题，党组高度重视，认真研究制定整改方案，明确整改任务、责任领导、责任科室和完成时限，逐项抓好整改落实。现将整改情况予以公布。党组书记切实履行第一责任人职责，带头领办重点问题，召开专题会议研究部署，层层压实责任。对反馈问题建立台账，实行销号管理，做到件件有着落、事事有回音。坚持把巡察整改与推进全面从严治党、加强作风建设、推动事业发展结合起来，建立健全长效机制，确保整改成效经得起检验。欢迎广大干部群众对巡察整改落实情况进行监督。

根据市委统一部署，市委巡察组对本单位开展了巡察，并就巡察情况进行了反馈。对照巡察组反馈的问题，党组高度重视，认真研究制定整改方案，明确整改任务、责任领导、责任科室和完成时限，逐项抓好整改落实。现将整改情况予以公布。党组书记切实履行第一责任人职责，带头领办重点问题，召开专题会议研究部署，层层压实责任。对反馈问题建立台账，实行销号管理，做到件件有着落、事事有回音。坚持把巡察整改与推进全面从严治党、加强作风建设、推动事业发展结合起来，建立健全长效机制，确保整改成效经得起检验。欢迎广大干部群众对巡察整改落实情况进行监督。

根据市委统一部署，市委巡察组对本单位开展了巡察，并就巡察情况进行了反馈。对照巡察组反馈的问题，党组高度重视，认真研究制定整改方案，明确整改任务、责任领导、责任科室和完成时限，逐项抓好整改落实。现将整改情况予以公布。党组书记切实履行第一责任人职责，带头领办重点问题，召开专题会议研究部署，层层压实责任。对反馈问题建立台账，实行销号管理，做到件件有着落、事事有回音。坚持把巡察整改与推进全面从严治党、加强作风建设、推动事业发展结合起来，建立健全长效机制，确保整改成效经得起检验。欢迎广大干部群众对巡察整改落实情况进行监督。

根据市委统一部署，市委巡察组对本单位开展了巡察，并就巡察情况进行了反馈。对照巡察组反馈的问题，党组高度重视，认真研究制定整改方案，明确整改任务、责任领导、责任科室和完成时限，逐项抓好整改落实。现将整改情况予以公布。党组书记切实履行第一责任人职责，带头领办重点问题，召开专题会议研究部署，层层压实责任。对反馈问题建立台账，实行销号管理，做到件件有着落、事事有回音。坚持把巡察整改与推进全面从严治党、加强作风建设、推动事业发展结合起来，建立健全长效机制，确保整改成效经得起检验。欢迎广大干部群众对巡察整改落实情况进行监督。

根据市委统一部署，市委巡察组对本单位开展了巡察，并就巡察情况进行了反馈。对照巡察组反馈的问题，党组高度重视，认真研究制定整改方案，明确整改任务、责任领导、责任科室和完成时限，逐项抓好整改落实。现将整改情况予以公布。党组书记切实履行第一责任人职责，带头领办重点问题，召开专题会议研究部署，层层压实责任。对反馈问题建立台账，实行销号管理，做到件件有着落、事事有回音。坚持把巡察整改与推进全面从严治党、加强作风建设、推动事业发展结合起来，建立健全长效机制，确保整改成效经得起检验。欢迎广大干部群众对巡察整改落实情况进行监督。

根据市委统一部署，市委巡察组对本单位开展了巡察，并就巡察情况进行了反馈。对照巡察组反馈的问题，党组高度重视，认真研究制定整改方案，明确整改任务、责任领导、责任科室和完成时限，逐项抓好整改落实。现将整改情况予以公布。党组书记切实履行第一责任人职责，带头领办重点问题，召开专题会议研究部署，层层压实责任。对反馈问题建立台账，实行销号管理，做到件件有着落、事事有回音。坚持把巡察整改与推进全面从严治党、加强作风建设、推动事业发展结合起来，建立健全长效机制，确保整改成效经得起检验。欢迎广大干部群众对巡察整改落实情况进行监督。

三、以巡察整改为契机，扎实推进全面从严治党向纵深发展

根据市委统一部署，市委巡察组对本单位开展了巡察，并就巡察情况进行了反馈。对照巡察组反馈的问题，党组高度重视，认真研究制定整改方案，明确整改任务、责任领导、责任科室和完成时限，逐项抓好整改落实。现将整改情况予以公布。党组书记切实履行第一责任人职责，带头领办重点问题，召开专题会议研究部署，层层压实责任。对反馈问题建立台账，实行销号管理，做到件件有着落、事事有回音。坚持把巡察整改与推进全面从严治党、加强作风建设、推动事业发展结合起来，建立健全长效机制，确保整改成效经得起检验。欢迎广大干部群众对巡察整改落实情况进行监督。

根据市委统一部署，市委巡察组对本单位开展了巡察，并就巡察情况进行了反馈。对照巡察组反馈的问题，党组高度重视，认真研究制定整改方案，明确整改任务、责任领导、责任科室和完成时限，逐项抓好整改落实。现将整改情况予以公布。党组书记切实履行第一责任人职责，带头领办重点问题，召开专题会议研究部署，层层压实责任。对反馈问题建立台账，实行销号管理，做到件件有着落、事事有回音。坚持把巡察整改与推进全面从严治党、加强作风建设、推动事业发展结合起来，建立健全长效机制，确保整改成效经得起检验。欢迎广大干部群众对巡察整改落实情况进行监督。

根据市委统一部署，市委巡察组对本单位开展了巡察，并就巡察情况进行了反馈。对照巡察组反馈的问题，党组高度重视，认真研究制定整改方案，明确整改任务、责任领导、责任科室和完成时限，逐项抓好整改落实。现将整改情况予以公布。党组书记切实履行第一责任人职责，带头领办重点问题，召开专题会议研究部署，层层压实责任。对反馈问题建立台账，实行销号管理，做到件件有着落、事事有回音。坚持把巡察整改与推进全面从严治党、加强作风建设、推动事业发展结合起来，建立健全长效机制，确保整改成效经得起检验。欢迎广大干部群众对巡察整改落实情况进行监督。

根据市委统一部署，市委巡察组对本单位开展了巡察，并就巡察情况进行了反馈。对照巡察组反馈的问题，党组高度重视，认真研究制定整改方案，明确整改任务、责任领导、责任科室和完成时限，逐项抓好整改落实。现将整改情况予以公布。党组书记切实履行第一责任人职责，带头领办重点问题，召开专题会议研究部署，层层压实责任。对反馈问题建立台账，实行销号管理，做到件件有着落、事事有回音。坚持把巡察整改与推进全面从严治党、加强作风建设、推动事业发展结合起来，建立健全长效机制，确保整改成效经得起检验。欢迎广大干部群众对巡察整改落实情况进行监督。

根据市委统一部署，市委巡察组对本单位开展了巡察，并就巡察情况进行了反馈。对照巡察组反馈的问题，党组高度重视，认真研究制定整改方案，明确整改任务、责任领导、责任科室和完成时限，逐项抓好整改落实。现将整改情况予以公布。党组书记切实履行第一责任人职责，带头领办重点问题，召开专题会议研究部署，层层压实责任。对反馈问题建立台账，实行销号管理，做到件件有着落、事事有回音。坚持把巡察整改与推进全面从严治党、加强作风建设、推动事业发展结合起来，建立健全长效机制，确保整改成效经得起检验。欢迎广大干部群众对巡察整改落实情况进行监督。

根据市委统一部署，市委巡察组对本单位开展了巡察，并就巡察情况进行了反馈。对照巡察组反馈的问题，党组高度重视，认真研究制定整改方案，明确整改任务、责任领导、责任科室和完成时限，逐项抓好整改落实。现将整改情况予以公布。党组书记切实履行第一责任人职责，带头领办重点问题，召开专题会议研究部署，层层压实责任。对反馈问题建立台账，实行销号管理，做到件件有着落、事事有回音。坚持把巡察整改与推进全面从严治党、加强作风建设、推动事业发展结合起来，建立健全长效机制，确保整改成效经得起检验。欢迎广大干部群众对巡察整改落实情况进行监督。

根据市委统一部署，市委巡察组对本单位开展了巡察，并就巡察情况进行了反馈。对照巡察组反馈的问题，党组高度重视，认真研究制定整改方案，明确整改任务、责任领导、责任科室和完成时限，逐项抓好整改落实。现将整改情况予以公布。党组书记切实履行第一责任人职责，带头领办重点问题，召开专题会议研究部署，层层压实责任。对反馈问题建立台账，实行销号管理，做到件件有着落、事事有回音。坚持把巡察整改与推进全面从严治党、加强作风建设、推动事业发展结合起来，建立健全长效机制，确保整改成效经得起检验。欢迎广大干部群众对巡察整改落实情况进行监督。

根据市委统一部署，市委巡察组对本单位开展了巡察，并就巡察情况进行了反馈。对照巡察组反馈的问题，党组高度重视，认真研究制定整改方案，明确整改任务、责任领导、责任科室和完成时限，逐项抓好整改落实。现将整改情况予以公布。党组书记切实履行第一责任人职责，带头领办重点问题，召开专题会议研究部署，层层压实责任。对反馈问题建立台账，实行销号管理，做到件件有着落、事事有回音。坚持把巡察整改与推进全面从严治党、加强作风建设、推动事业发展结合起来，建立健全长效机制，确保整改成效经得起检验。欢迎广大干部群众对巡察整改落实情况进行监督。

根据市委统一部署，市委巡察组对本单位开展了巡察，并就巡察情况进行了反馈。对照巡察组反馈的问题，党组高度重视，认真研究制定整改方案，明确整改任务、责任领导、责任科室和完成时限，逐项抓好整改落实。现将整改情况予以公布。党组书记切实履行第一责任人职责，带头领办重点问题，召开专题会议研究部署，层层压实责任。对反馈问题建立台账，实行销号管理，做到件件有着落、事事有回音。坚持把巡察整改与推进全面从严治党、加强作风建设、推动事业发展结合起来，建立健全长效机制，确保整改成效经得起检验。欢迎广大干部群众对巡察整改落实情况进行监督。

根据市委统一部署，市委巡察组对本单位开展了巡察，并就巡察情况进行了反馈。对照巡察组反馈的问题，党组高度重视，认真研究制定整改方案，明确整改任务、责任领导、责任科室和完成时限，逐项抓好整改落实。现将整改情况予以公布。党组书记切实履行第一责任人职责，带头领办重点问题，召开专题会议研究部署，层层压实责任。对反馈问题建立台账，实行销号管理，做到件件有着落、事事有回音。坚持把巡察整改与推进全面从严治党、加强作风建设、推动事业发展结合起来，建立健全长效机制，确保整改成效经得起检验。欢迎广大干部群众对巡察整改落实情况进行监督。

根据市委统一部署，市委巡察组对本单位开展了巡察，并就巡察情况进行了反馈。对照巡察组反馈的问题，党组高度重视，认真研究制定整改方案，明确整改任务、责任领导、责任科室和完成时限，逐项抓好整改落实。现将整改情况予以公布。党组书记切实履行第一责任人职责，带头领办重点问题，召开专题会议研究部署，层层压实责任。对反馈问题建立台账，实行销号管理，做到件件有着落、事事有回音。坚持把巡察整改与推进全面从严治党、加强作风建设、推动事业发展结合起来，建立健全长效机制，确保整改成效经得起检验。欢迎广大干部群众对巡察整改落实情况进行监督。

根据市委统一部署，市委巡察组对本单位开展了巡察，并就巡察情况进行了反馈。对照巡察组反馈的问题，党组高度重视，认真研究制定整改方案，明确整改任务、责任领导、责任科室和完成时限，逐项抓好整改落实。现将整改情况予以公布。党组书记切实履行第一责任人职责，带头领办重点问题，召开专题会议研究部署，层层压实责任。对反馈问题建立台账，实行销号管理，做到件件有着落、事事有回音。坚持把巡察整改与推进全面从严治党、加强作风建设、推动事业发展结合起来，建立健全长效机制，确保整改成效经得起检验。欢迎广大干部群众对巡察整改落实情况进行监督。

中共随州市民政局党组
2017年6月
